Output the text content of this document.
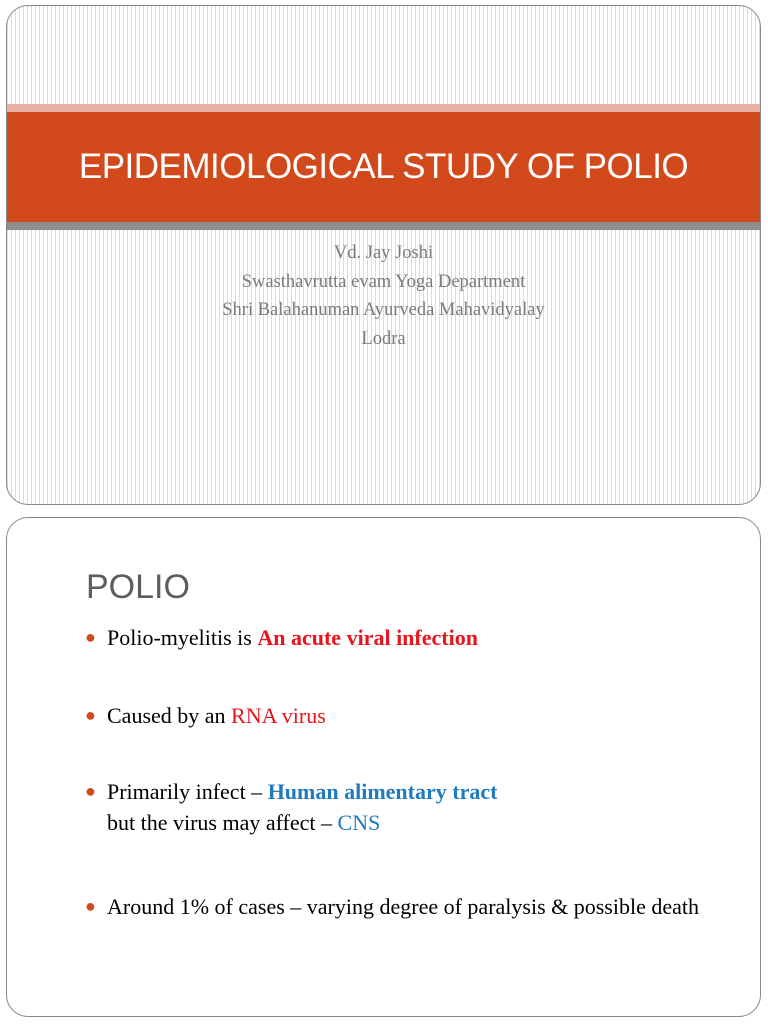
EPIDEMIOLOGICAL STUDY OF POLIO
Vd. Jay Joshi
Swasthavrutta evam Yoga Department
Shri Balahanuman Ayurveda Mahavidyalay
Lodra
POLIO
● Polio-myelitis is An acute viral infection
● Caused by an RNA virus
● Primarily infect – Human alimentary tract
but the virus may affect – CNS
● Around 1% of cases – varying degree of paralysis & possible death
